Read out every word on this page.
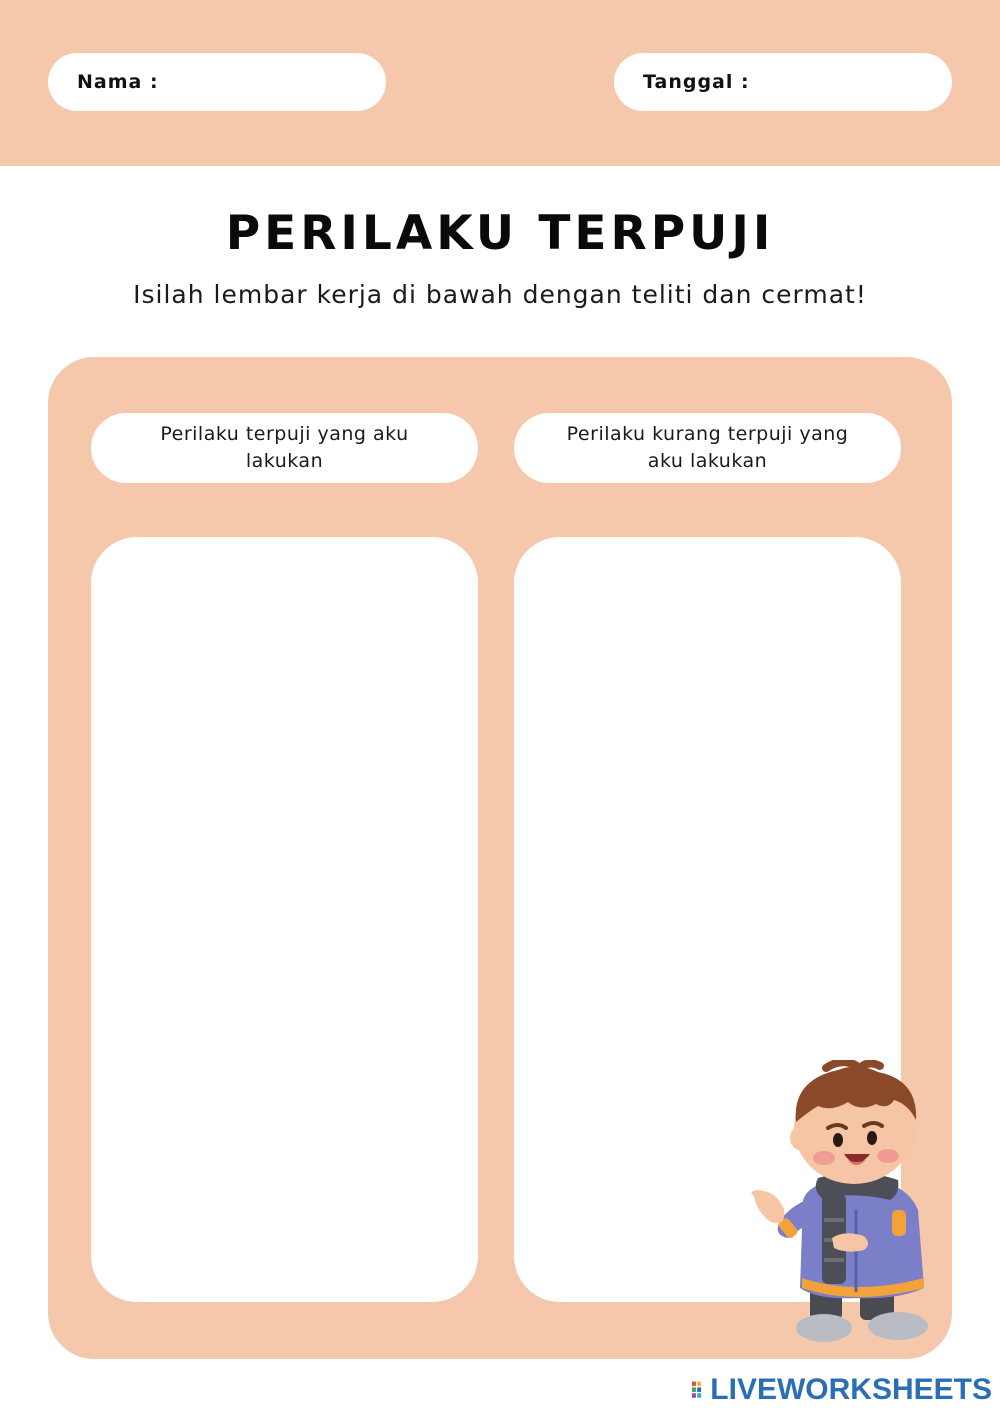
Nama :	Tanggal :
PERILAKU TERPUJI
Isilah lembar kerja di bawah dengan teliti dan cermat!
Perilaku terpuji yang aku lakukan
Perilaku kurang terpuji yang aku lakukan
LIVEWORKSHEETS
